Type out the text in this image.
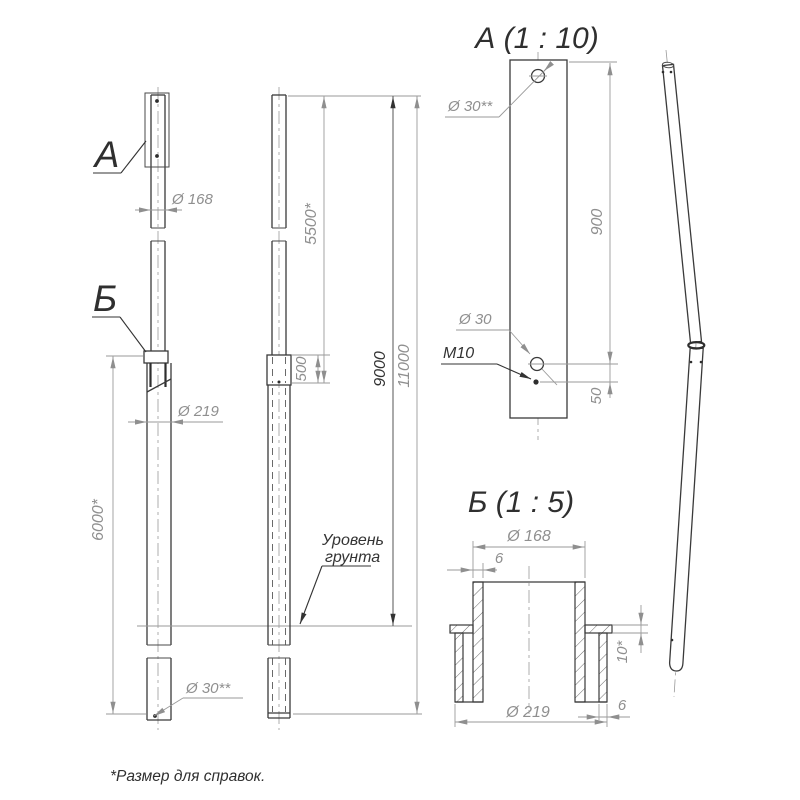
А
Б
Ø 168
Ø 219
6000*
Ø 30**
5500*
500	9000 11000
Уровень
грунта
А (1 : 10)
Ø 30**
Ø 30
М10
900
50
Б (1 : 5)
Ø 168
6
10*
Ø 219	6
*Размер для справок.
